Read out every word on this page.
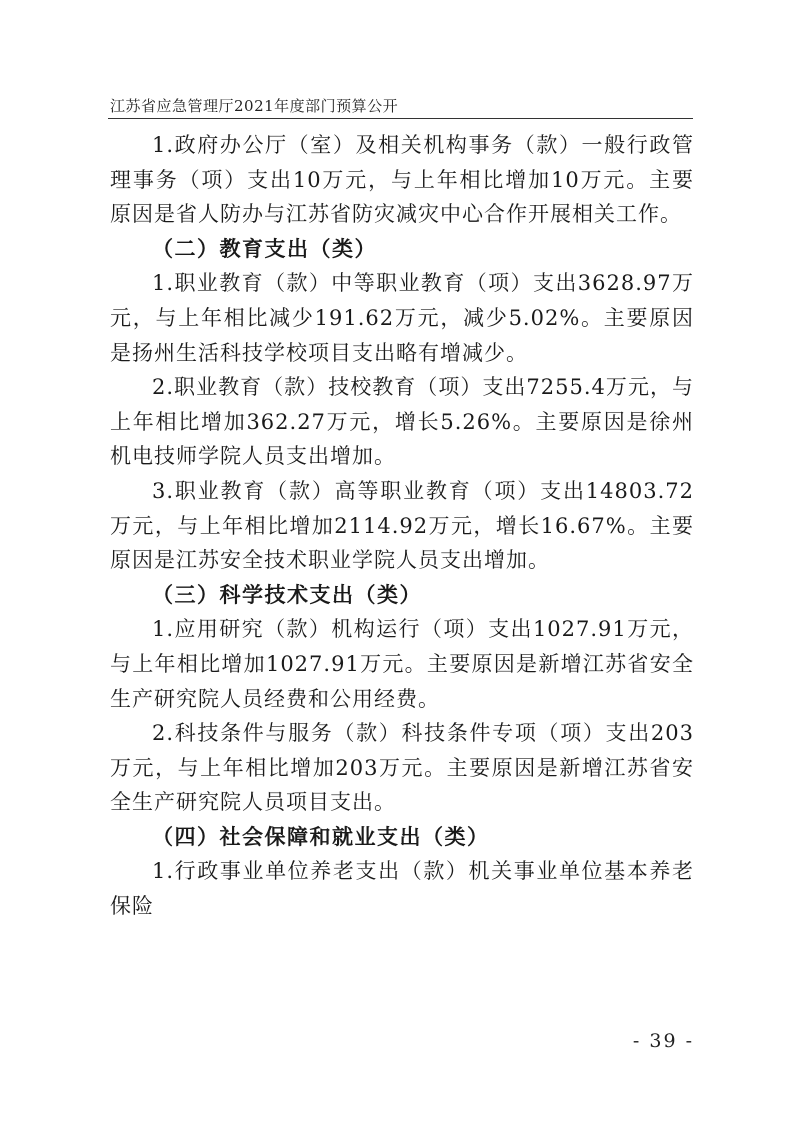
江苏省应急管理厅2021年度部门预算公开

1.政府办公厅（室）及相关机构事务（款）一般行政管理事务（项）支出10万元，与上年相比增加10万元。主要原因是省人防办与江苏省防灾减灾中心合作开展相关工作。

（二）教育支出（类）

1.职业教育（款）中等职业教育（项）支出3628.97万元，与上年相比减少191.62万元，减少5.02%。主要原因是扬州生活科技学校项目支出略有增减少。

2.职业教育（款）技校教育（项）支出7255.4万元，与上年相比增加362.27万元，增长5.26%。主要原因是徐州机电技师学院人员支出增加。

3.职业教育（款）高等职业教育（项）支出14803.72万元，与上年相比增加2114.92万元，增长16.67%。主要原因是江苏安全技术职业学院人员支出增加。

（三）科学技术支出（类）

1.应用研究（款）机构运行（项）支出1027.91万元，与上年相比增加1027.91万元。主要原因是新增江苏省安全生产研究院人员经费和公用经费。

2.科技条件与服务（款）科技条件专项（项）支出203万元，与上年相比增加203万元。主要原因是新增江苏省安全生产研究院人员项目支出。

（四）社会保障和就业支出（类）

1.行政事业单位养老支出（款）机关事业单位基本养老保险

- 39 -
